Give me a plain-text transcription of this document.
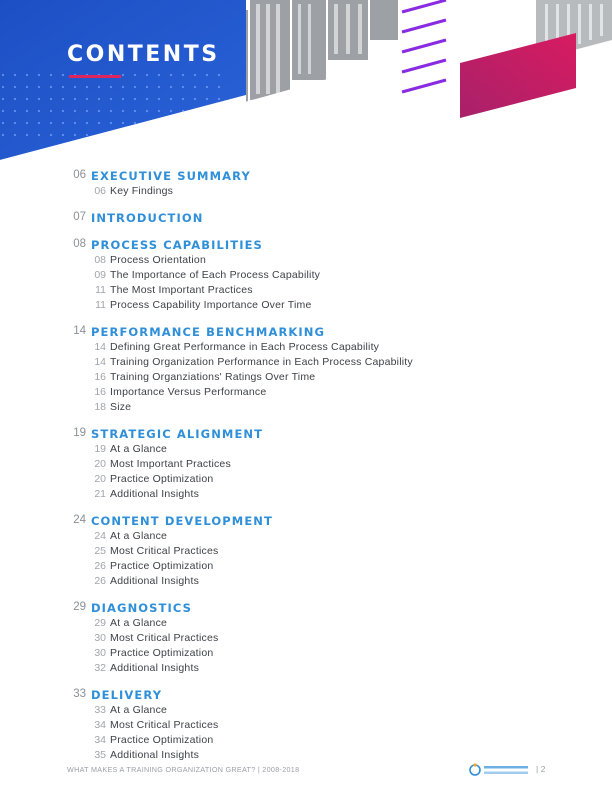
CONTENTS
06 EXECUTIVE SUMMARY
06 Key Findings
07 INTRODUCTION
08 PROCESS CAPABILITIES
08 Process Orientation
09 The Importance of Each Process Capability
11 The Most Important Practices
11 Process Capability Importance Over Time
14 PERFORMANCE BENCHMARKING
14 Defining Great Performance in Each Process Capability
14 Training Organization Performance in Each Process Capability
16 Training Organziations' Ratings Over Time
16 Importance Versus Performance
18 Size
19 STRATEGIC ALIGNMENT
19 At a Glance
20 Most Important Practices
20 Practice Optimization
21 Additional Insights
24 CONTENT DEVELOPMENT
24 At a Glance
25 Most Critical Practices
26 Practice Optimization
26 Additional Insights
29 DIAGNOSTICS
29 At a Glance
30 Most Critical Practices
30 Practice Optimization
32 Additional Insights
33 DELIVERY
33 At a Glance
34 Most Critical Practices
34 Practice Optimization
35 Additional Insights
WHAT MAKES A TRAINING ORGANIZATION GREAT? | 2008-2018	| 2
